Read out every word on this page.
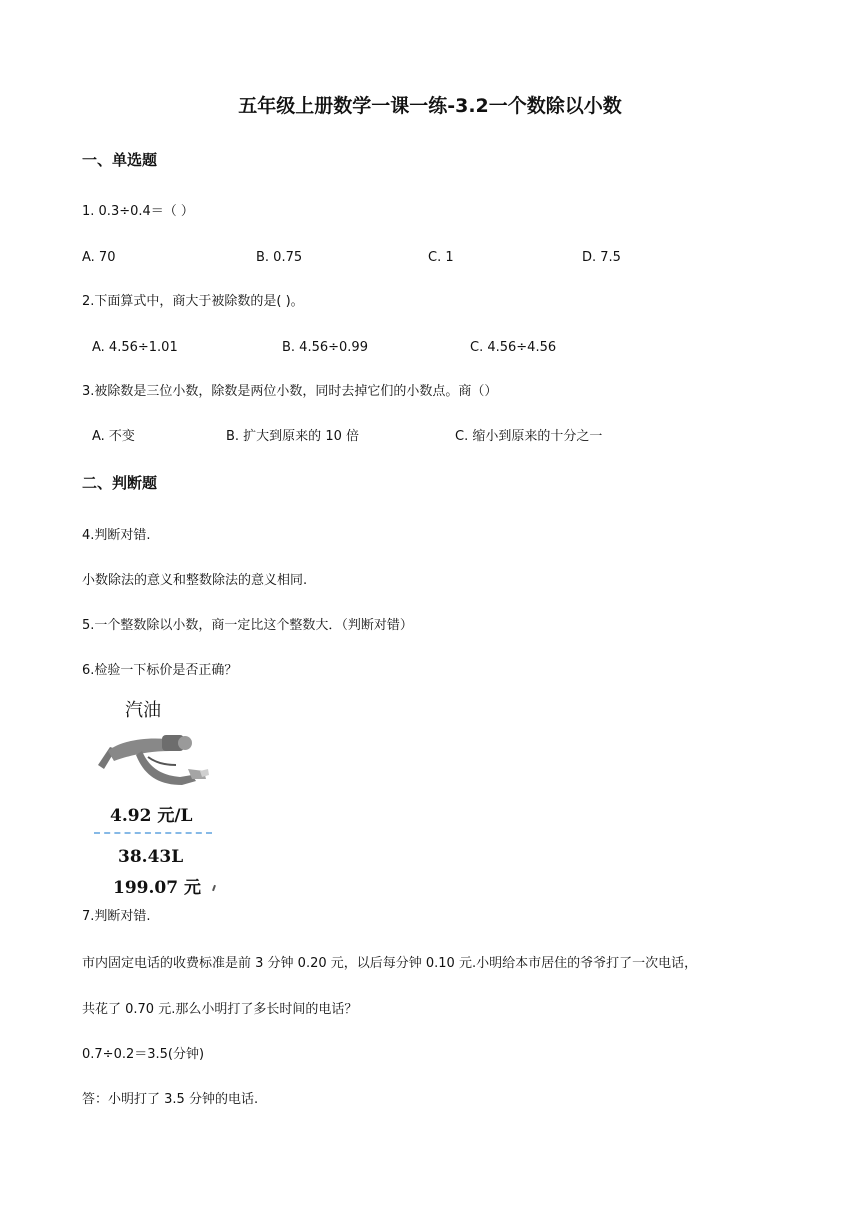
五年级上册数学一课一练-3.2一个数除以小数
一、单选题
1. 0.3÷0.4＝（ ）
A. 70	B. 0.75	C. 1	D. 7.5
2.下面算式中，商大于被除数的是( )。
A. 4.56÷1.01	B. 4.56÷0.99	C. 4.56÷4.56
3.被除数是三位小数，除数是两位小数，同时去掉它们的小数点。商（）
A. 不变	B. 扩大到原来的 10 倍	C. 缩小到原来的十分之一
二、判断题
4.判断对错.
小数除法的意义和整数除法的意义相同.
5.一个整数除以小数，商一定比这个整数大．（判断对错）
6.检验一下标价是否正确？
汽油
4.92 元/L
38.43L
199.07 元
7.判断对错.
市内固定电话的收费标准是前 3 分钟 0.20 元，以后每分钟 0.10 元.小明给本市居住的爷爷打了一次电话，
共花了 0.70 元.那么小明打了多长时间的电话？
0.7÷0.2＝3.5(分钟)
答：小明打了 3.5 分钟的电话.
